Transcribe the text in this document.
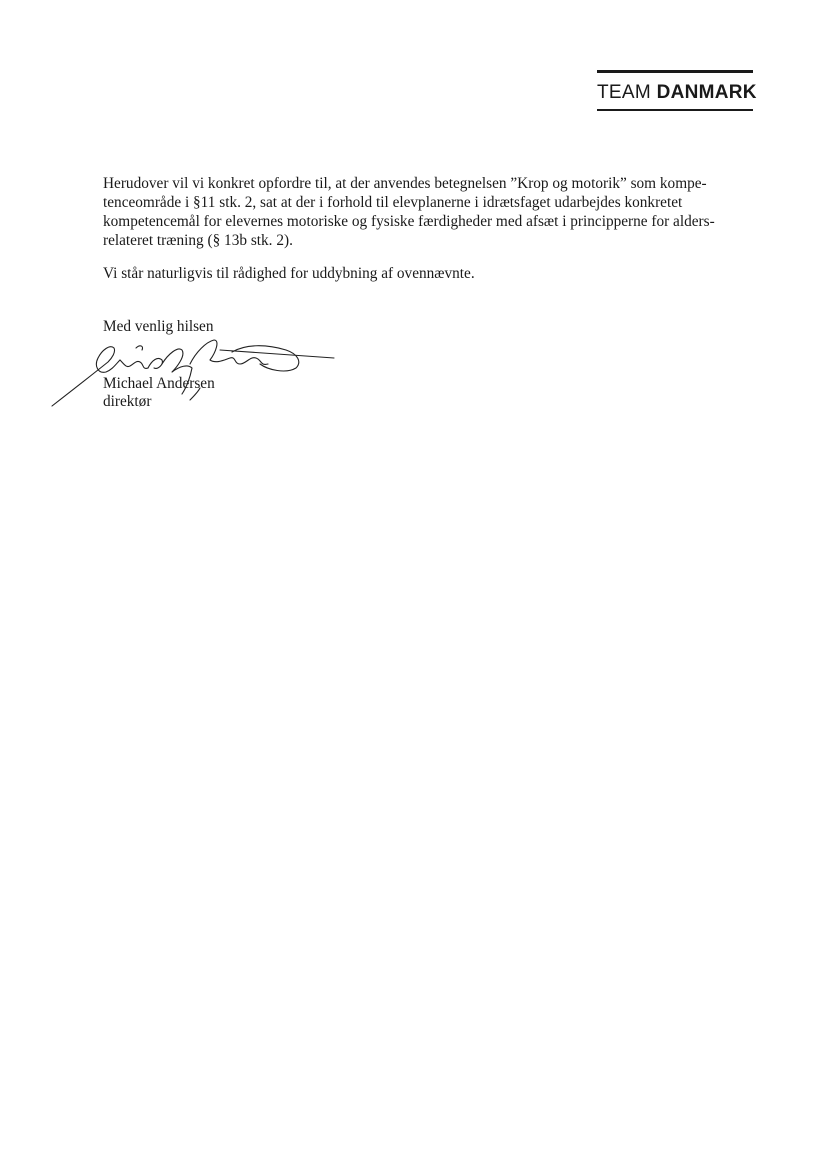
TEAM DANMARK

Herudover vil vi konkret opfordre til, at der anvendes betegnelsen ”Krop og motorik” som kompe-
tenceområde i §11 stk. 2, sat at der i forhold til elevplanerne i idrætsfaget udarbejdes konkretet
kompetencemål for elevernes motoriske og fysiske færdigheder med afsæt i principperne for alders-
relateret træning (§ 13b stk. 2).

Vi står naturligvis til rådighed for uddybning af ovennævnte.

Med venlig hilsen
Michael Andersen
direktør
